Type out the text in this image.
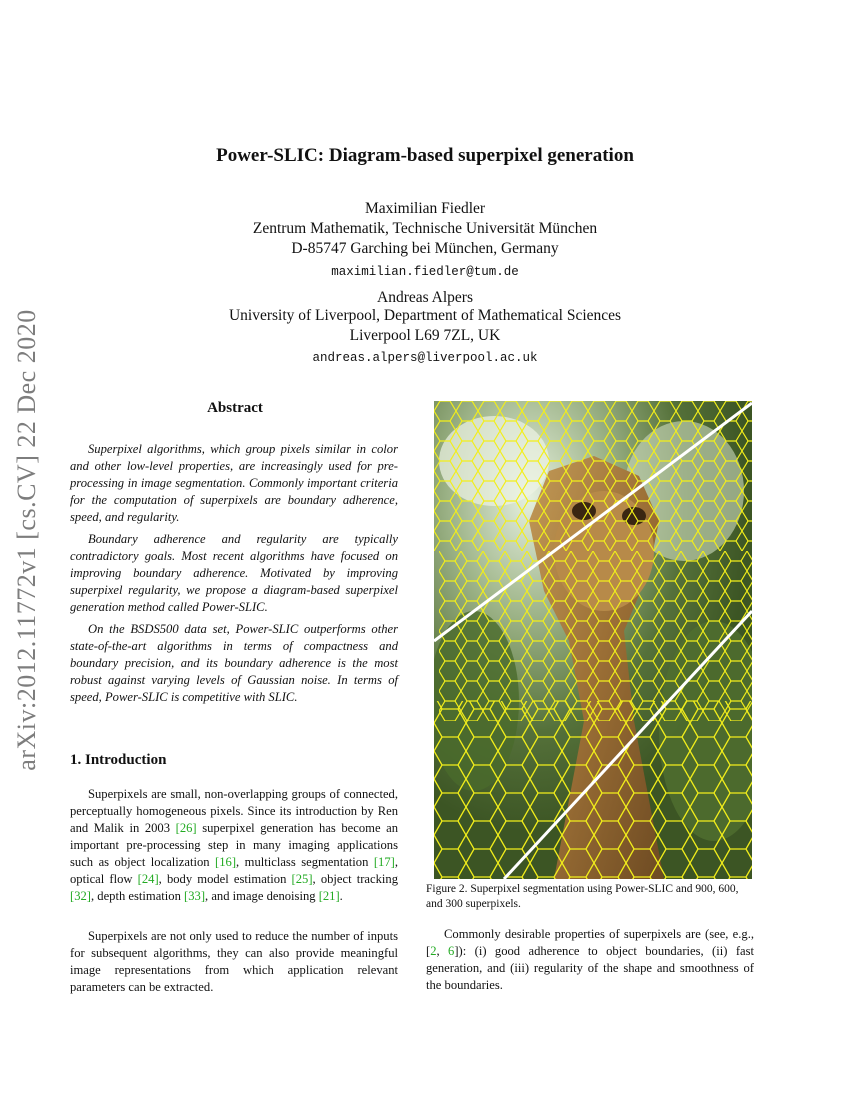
arXiv:2012.11772v1 [cs.CV] 22 Dec 2020
Power-SLIC: Diagram-based superpixel generation
Maximilian Fiedler
Zentrum Mathematik, Technische Universität München
D-85747 Garching bei München, Germany
maximilian.fiedler@tum.de
Andreas Alpers
University of Liverpool, Department of Mathematical Sciences
Liverpool L69 7ZL, UK
andreas.alpers@liverpool.ac.uk
Abstract

Superpixel algorithms, which group pixels similar in color and other low-level properties, are increasingly used for pre-processing in image segmentation. Commonly important criteria for the computation of superpixels are boundary adherence, speed, and regularity.

Boundary adherence and regularity are typically contradictory goals. Most recent algorithms have focused on improving boundary adherence. Motivated by improving superpixel regularity, we propose a diagram-based superpixel generation method called Power-SLIC.

On the BSDS500 data set, Power-SLIC outperforms other state-of-the-art algorithms in terms of compactness and boundary precision, and its boundary adherence is the most robust against varying levels of Gaussian noise. In terms of speed, Power-SLIC is competitive with SLIC.

1. Introduction

Superpixels are small, non-overlapping groups of connected, perceptually homogeneous pixels. Since its introduction by Ren and Malik in 2003 [26] superpixel generation has become an important pre-processing step in many imaging applications such as object localization [16], multiclass segmentation [17], optical flow [24], body model estimation [25], object tracking [32], depth estimation [33], and image denoising [21].

Superpixels are not only used to reduce the number of inputs for subsequent algorithms, they can also provide meaningful image representations from which application relevant parameters can be extracted.

Figure 2. Superpixel segmentation using Power-SLIC and 900, 600, and 300 superpixels.

Commonly desirable properties of superpixels are (see, e.g., [2, 6]): (i) good adherence to object boundaries, (ii) fast generation, and (iii) regularity of the shape and smoothness of the boundaries.
